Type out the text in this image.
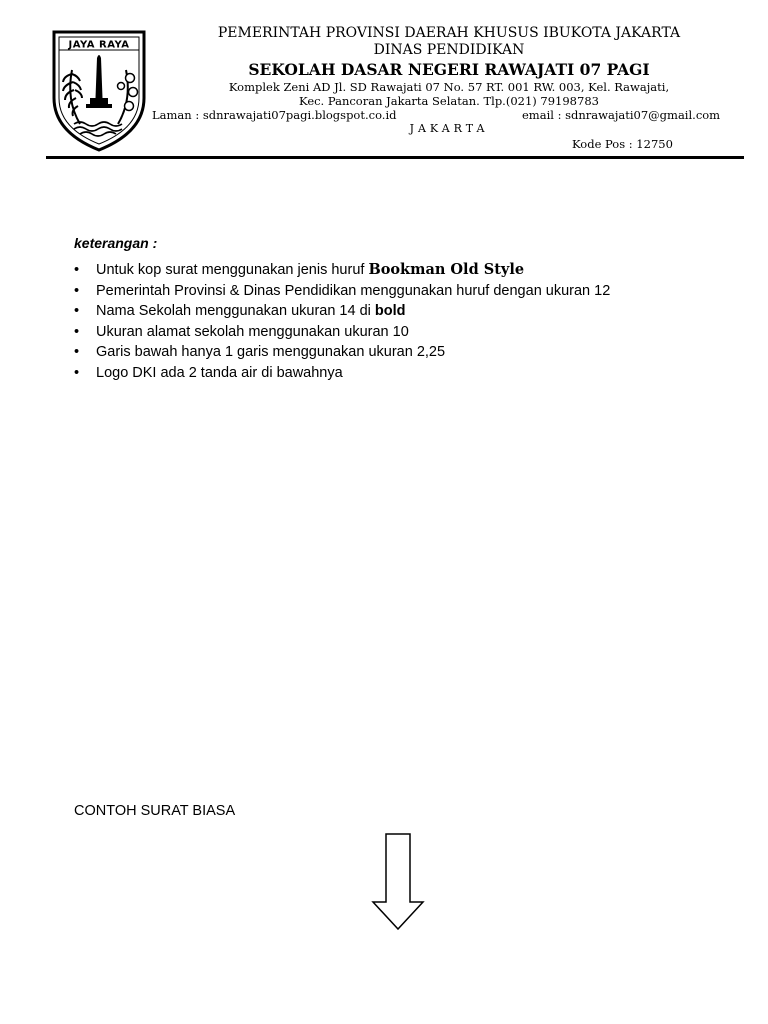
JAYA RAYA
PEMERINTAH PROVINSI DAERAH KHUSUS IBUKOTA JAKARTA
DINAS PENDIDIKAN
SEKOLAH DASAR NEGERI RAWAJATI 07 PAGI
Komplek Zeni AD Jl. SD Rawajati 07 No. 57 RT. 001 RW. 003, Kel. Rawajati,
Kec. Pancoran Jakarta Selatan. Tlp.(021) 79198783
Laman : sdnrawajati07pagi.blogspot.co.id	email : sdnrawajati07@gmail.com
JAKARTA
Kode Pos : 12750
keterangan :
• Untuk kop surat menggunakan jenis huruf Bookman Old Style
• Pemerintah Provinsi & Dinas Pendidikan menggunakan huruf dengan ukuran 12
• Nama Sekolah menggunakan ukuran 14 di bold
• Ukuran alamat sekolah menggunakan ukuran 10
• Garis bawah hanya 1 garis menggunakan ukuran 2,25
• Logo DKI ada 2 tanda air di bawahnya
CONTOH SURAT BIASA
